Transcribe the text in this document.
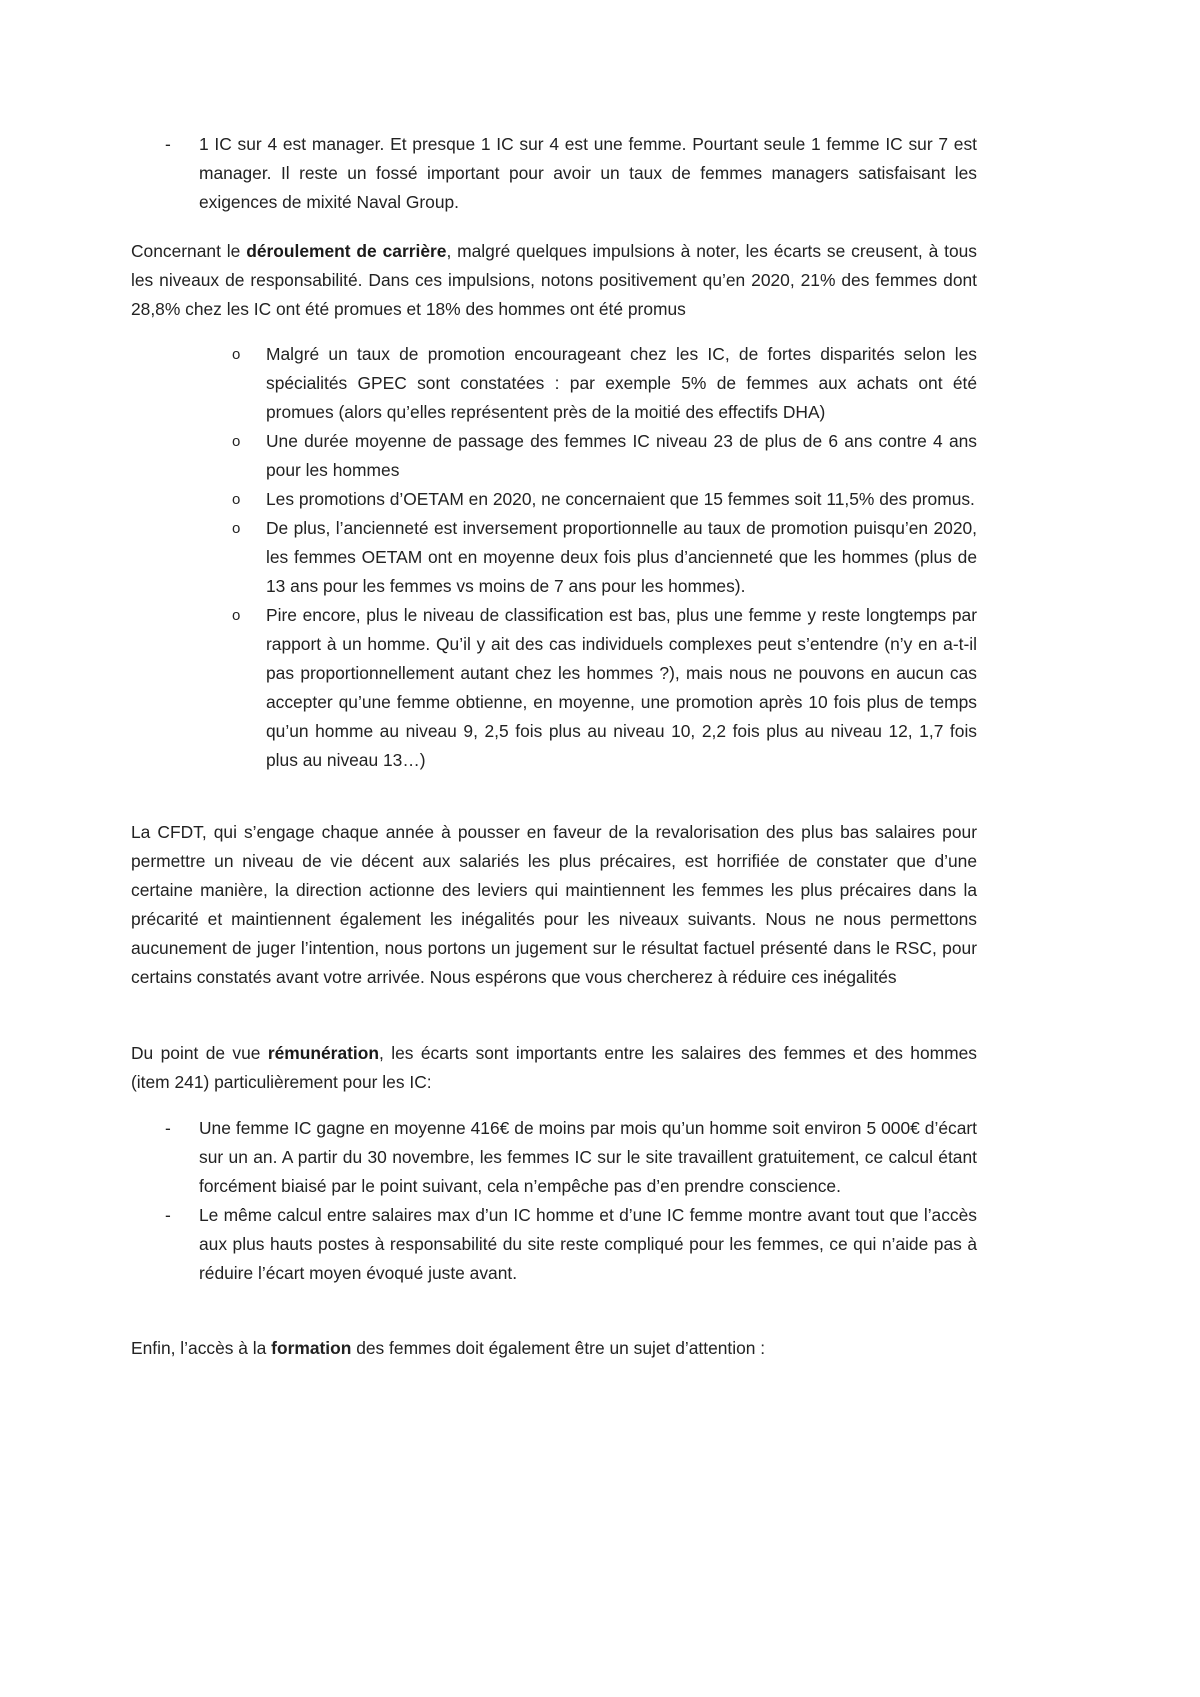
-	1 IC sur 4 est manager. Et presque 1 IC sur 4 est une femme. Pourtant seule 1 femme IC sur 7 est manager. Il reste un fossé important pour avoir un taux de femmes managers satisfaisant les exigences de mixité Naval Group.

Concernant le déroulement de carrière, malgré quelques impulsions à noter, les écarts se creusent, à tous les niveaux de responsabilité. Dans ces impulsions, notons positivement qu’en 2020, 21% des femmes dont 28,8% chez les IC ont été promues et 18% des hommes ont été promus

o	Malgré un taux de promotion encourageant chez les IC, de fortes disparités selon les spécialités GPEC sont constatées : par exemple 5% de femmes aux achats ont été promues (alors qu’elles représentent près de la moitié des effectifs DHA)
o	Une durée moyenne de passage des femmes IC niveau 23 de plus de 6 ans contre 4 ans pour les hommes
o	Les promotions d’OETAM en 2020, ne concernaient que 15 femmes soit 11,5% des promus.
o	De plus, l’ancienneté est inversement proportionnelle au taux de promotion puisqu’en 2020, les femmes OETAM ont en moyenne deux fois plus d’ancienneté que les hommes (plus de 13 ans pour les femmes vs moins de 7 ans pour les hommes).
o	Pire encore, plus le niveau de classification est bas, plus une femme y reste longtemps par rapport à un homme. Qu’il y ait des cas individuels complexes peut s’entendre (n’y en a-t-il pas proportionnellement autant chez les hommes ?), mais nous ne pouvons en aucun cas accepter qu’une femme obtienne, en moyenne, une promotion après 10 fois plus de temps qu’un homme au niveau 9, 2,5 fois plus au niveau 10, 2,2 fois plus au niveau 12, 1,7 fois plus au niveau 13…)

La CFDT, qui s’engage chaque année à pousser en faveur de la revalorisation des plus bas salaires pour permettre un niveau de vie décent aux salariés les plus précaires, est horrifiée de constater que d’une certaine manière, la direction actionne des leviers qui maintiennent les femmes les plus précaires dans la précarité et maintiennent également les inégalités pour les niveaux suivants. Nous ne nous permettons aucunement de juger l’intention, nous portons un jugement sur le résultat factuel présenté dans le RSC, pour certains constatés avant votre arrivée. Nous espérons que vous chercherez à réduire ces inégalités

Du point de vue rémunération, les écarts sont importants entre les salaires des femmes et des hommes (item 241) particulièrement pour les IC:

-	Une femme IC gagne en moyenne 416€ de moins par mois qu’un homme soit environ 5 000€ d’écart sur un an. A partir du 30 novembre, les femmes IC sur le site travaillent gratuitement, ce calcul étant forcément biaisé par le point suivant, cela n’empêche pas d’en prendre conscience.
-	Le même calcul entre salaires max d’un IC homme et d’une IC femme montre avant tout que l’accès aux plus hauts postes à responsabilité du site reste compliqué pour les femmes, ce qui n’aide pas à réduire l’écart moyen évoqué juste avant.

Enfin, l’accès à la formation des femmes doit également être un sujet d’attention :
